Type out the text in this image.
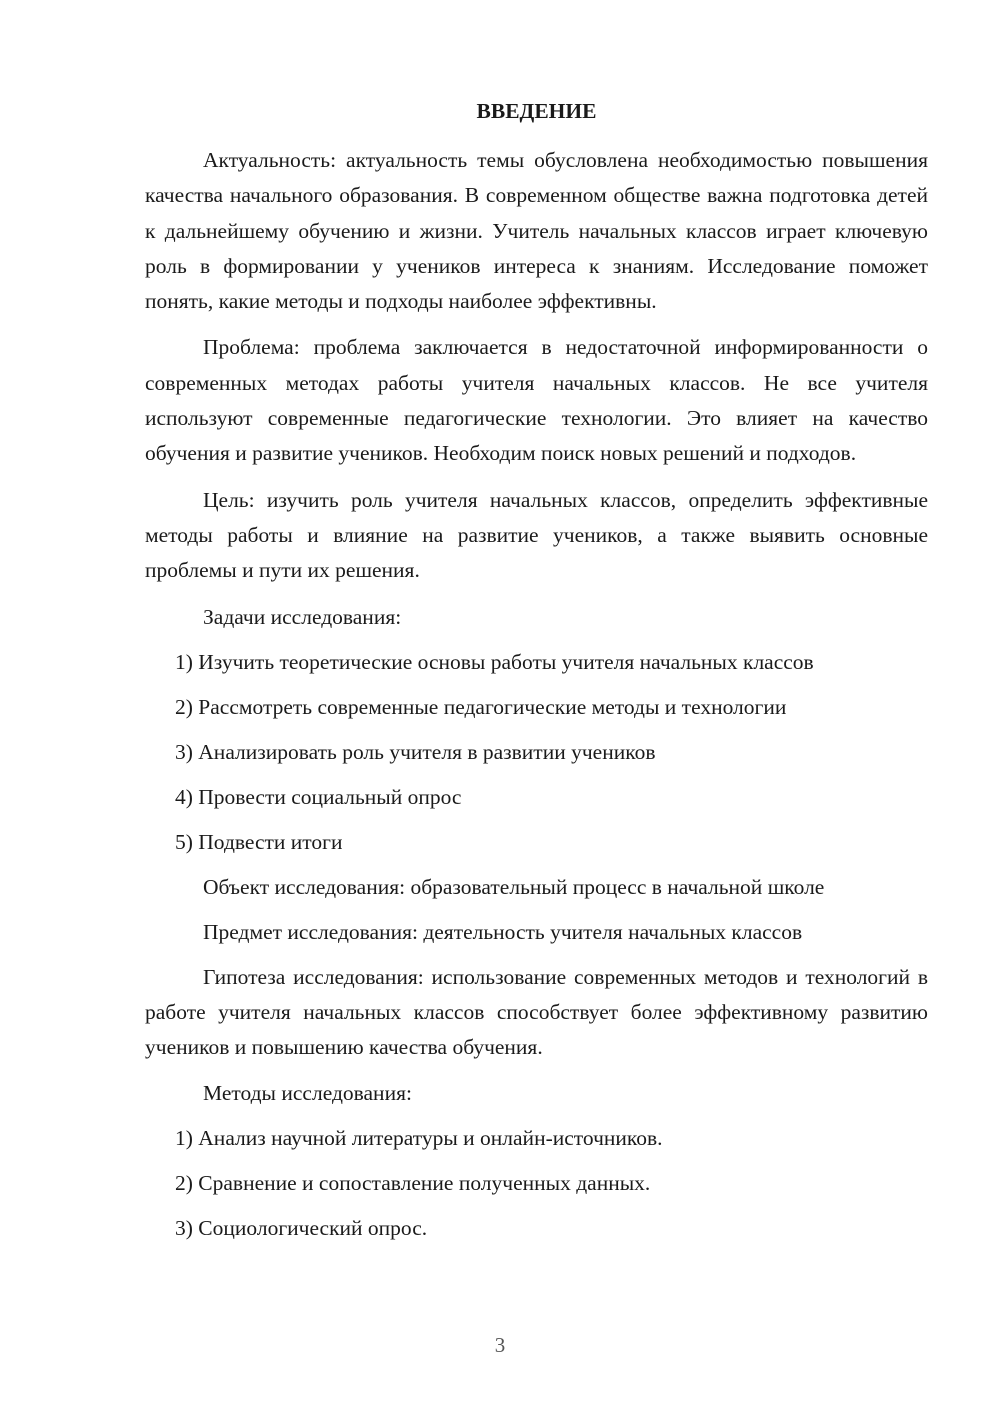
ВВЕДЕНИЕ

Актуальность: актуальность темы обусловлена необходимостью повышения качества начального образования. В современном обществе важна подготовка детей к дальнейшему обучению и жизни. Учитель начальных классов играет ключевую роль в формировании у учеников интереса к знаниям. Исследование поможет понять, какие методы и подходы наиболее эффективны.

Проблема: проблема заключается в недостаточной информированности о современных методах работы учителя начальных классов. Не все учителя используют современные педагогические технологии. Это влияет на качество обучения и развитие учеников. Необходим поиск новых решений и подходов.

Цель: изучить роль учителя начальных классов, определить эффективные методы работы и влияние на развитие учеников, а также выявить основные проблемы и пути их решения.

Задачи исследования:
1) Изучить теоретические основы работы учителя начальных классов
2) Рассмотреть современные педагогические методы и технологии
3) Анализировать роль учителя в развитии учеников
4) Провести социальный опрос
5) Подвести итоги
Объект исследования: образовательный процесс в начальной школе
Предмет исследования: деятельность учителя начальных классов

Гипотеза исследования: использование современных методов и технологий в работе учителя начальных классов способствует более эффективному развитию учеников и повышению качества обучения.

Методы исследования:
1) Анализ научной литературы и онлайн-источников.
2) Сравнение и сопоставление полученных данных.
3) Социологический опрос.

3
